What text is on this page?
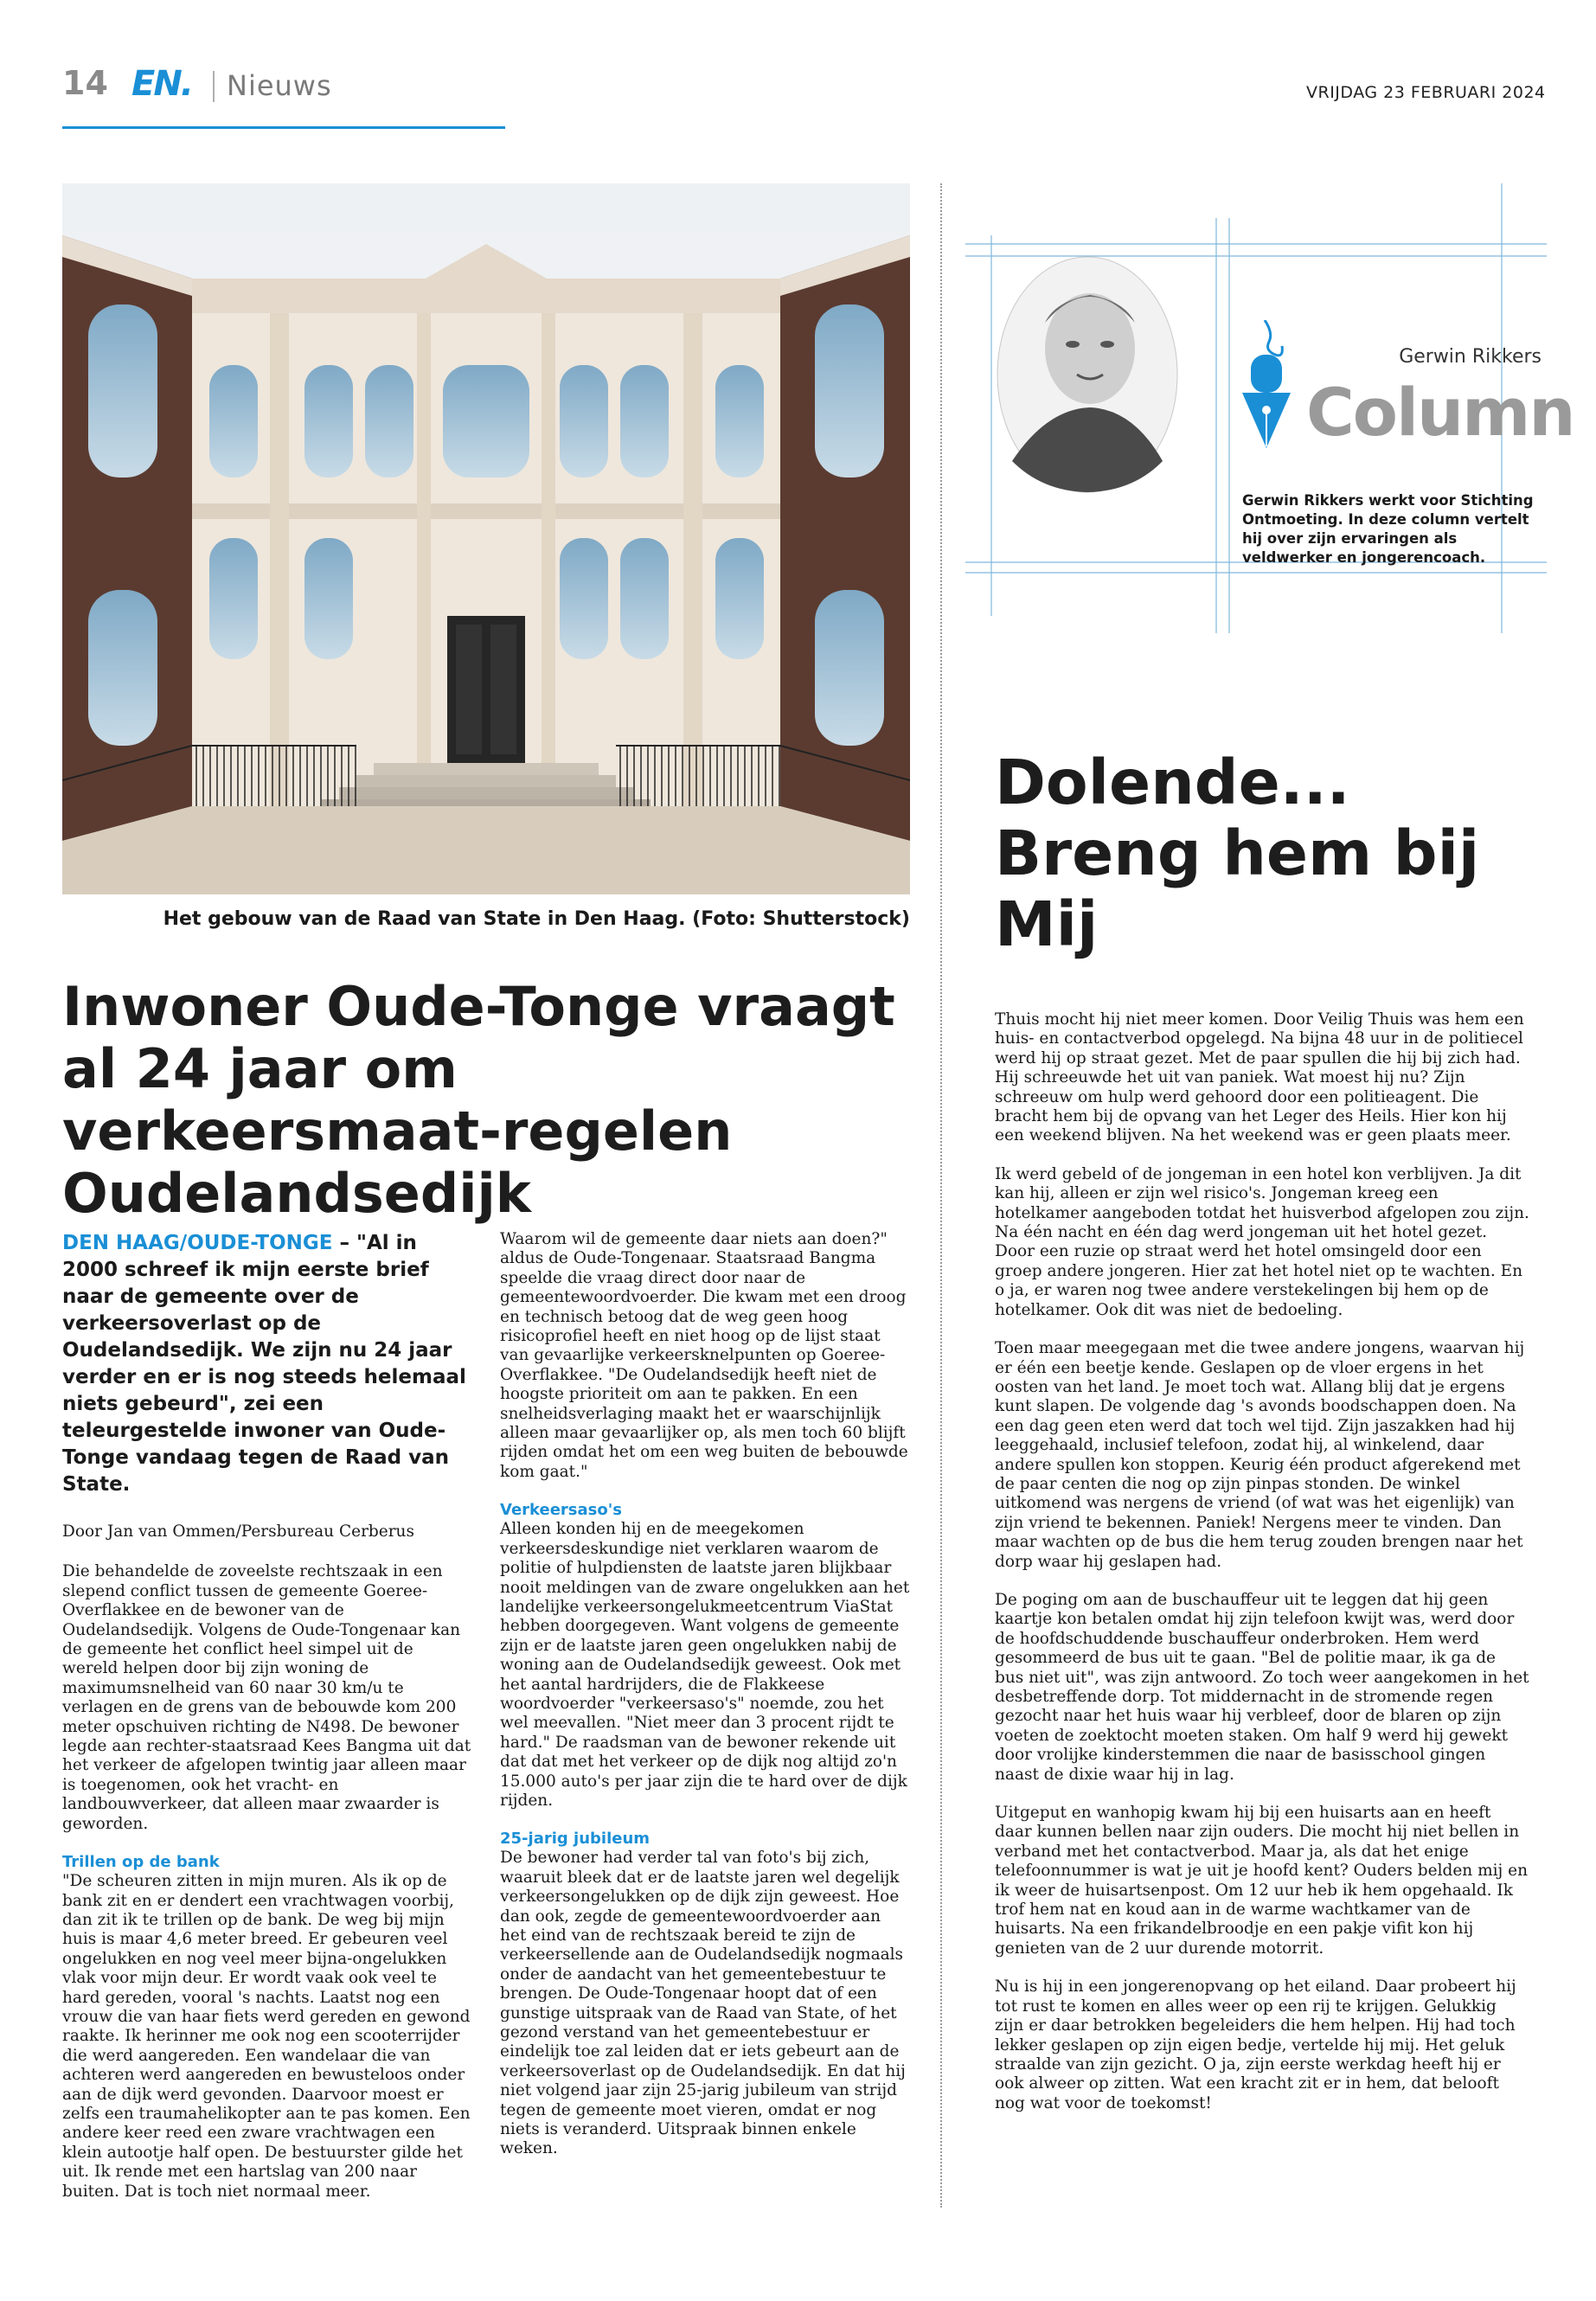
14 EN. Nieuws	VRIJDAG 23 FEBRUARI 2024
Het gebouw van de Raad van State in Den Haag. (Foto: Shutterstock)
Inwoner Oude-Tonge vraagt al 24 jaar om verkeersmaat-regelen Oudelandsedijk

DEN HAAG/OUDE-TONGE – "Al in 2000 schreef ik mijn eerste brief naar de gemeente over de verkeersoverlast op de Oudelandsedijk. We zijn nu 24 jaar verder en er is nog steeds helemaal niets gebeurd", zei een teleurgestelde inwoner van Oude-Tonge vandaag tegen de Raad van State.

Door Jan van Ommen/Persbureau Cerberus

Die behandelde de zoveelste rechtszaak in een slepend conflict tussen de gemeente Goeree-Overflakkee en de bewoner van de Oudelandsedijk. Volgens de Oude-Tongenaar kan de gemeente het conflict heel simpel uit de wereld helpen door bij zijn woning de maximumsnelheid van 60 naar 30 km/u te verlagen en de grens van de bebouwde kom 200 meter opschuiven richting de N498. De bewoner legde aan rechter-staatsraad Kees Bangma uit dat het verkeer de afgelopen twintig jaar alleen maar is toegenomen, ook het vracht- en landbouwverkeer, dat alleen maar zwaarder is geworden.

Trillen op de bank

"De scheuren zitten in mijn muren. Als ik op de bank zit en er dendert een vrachtwagen voorbij, dan zit ik te trillen op de bank. De weg bij mijn huis is maar 4,6 meter breed. Er gebeuren veel ongelukken en nog veel meer bijna-ongelukken vlak voor mijn deur. Er wordt vaak ook veel te hard gereden, vooral 's nachts. Laatst nog een vrouw die van haar fiets werd gereden en gewond raakte. Ik herinner me ook nog een scooterrijder die werd aangereden. Een wandelaar die van achteren werd aangereden en bewusteloos onder aan de dijk werd gevonden. Daarvoor moest er zelfs een traumahelikopter aan te pas komen. Een andere keer reed een zware vrachtwagen een klein autootje half open. De bestuurster gilde het uit. Ik rende met een hartslag van 200 naar buiten. Dat is toch niet normaal meer.

Waarom wil de gemeente daar niets aan doen?" aldus de Oude-Tongenaar. Staatsraad Bangma speelde die vraag direct door naar de gemeentewoordvoerder. Die kwam met een droog en technisch betoog dat de weg geen hoog risicoprofiel heeft en niet hoog op de lijst staat van gevaarlijke verkeersknelpunten op Goeree-Overflakkee. "De Oudelandsedijk heeft niet de hoogste prioriteit om aan te pakken. En een snelheidsverlaging maakt het er waarschijnlijk alleen maar gevaarlijker op, als men toch 60 blijft rijden omdat het om een weg buiten de bebouwde kom gaat."

Verkeersaso's

Alleen konden hij en de meegekomen verkeersdeskundige niet verklaren waarom de politie of hulpdiensten de laatste jaren blijkbaar nooit meldingen van de zware ongelukken aan het landelijke verkeersongelukmeetcentrum ViaStat hebben doorgegeven. Want volgens de gemeente zijn er de laatste jaren geen ongelukken nabij de woning aan de Oudelandsedijk geweest. Ook met het aantal hardrijders, die de Flakkeese woordvoerder "verkeersaso's" noemde, zou het wel meevallen. "Niet meer dan 3 procent rijdt te hard." De raadsman van de bewoner rekende uit dat dat met het verkeer op de dijk nog altijd zo'n 15.000 auto's per jaar zijn die te hard over de dijk rijden.

25-jarig jubileum

De bewoner had verder tal van foto's bij zich, waaruit bleek dat er de laatste jaren wel degelijk verkeersongelukken op de dijk zijn geweest. Hoe dan ook, zegde de gemeentewoordvoerder aan het eind van de rechtszaak bereid te zijn de verkeersellende aan de Oudelandsedijk nogmaals onder de aandacht van het gemeentebestuur te brengen. De Oude-Tongenaar hoopt dat of een gunstige uitspraak van de Raad van State, of het gezond verstand van het gemeentebestuur er eindelijk toe zal leiden dat er iets gebeurt aan de verkeersoverlast op de Oudelandsedijk. En dat hij niet volgend jaar zijn 25-jarig jubileum van strijd tegen de gemeente moet vieren, omdat er nog niets is veranderd. Uitspraak binnen enkele weken.

Gerwin Rikkers
Column
Gerwin Rikkers werkt voor Stichting Ontmoeting. In deze column vertelt hij over zijn ervaringen als veldwerker en jongerencoach.
Dolende... Breng hem bij Mij

Thuis mocht hij niet meer komen. Door Veilig Thuis was hem een huis- en contactverbod opgelegd. Na bijna 48 uur in de politiecel werd hij op straat gezet. Met de paar spullen die hij bij zich had. Hij schreeuwde het uit van paniek. Wat moest hij nu? Zijn schreeuw om hulp werd gehoord door een politieagent. Die bracht hem bij de opvang van het Leger des Heils. Hier kon hij een weekend blijven. Na het weekend was er geen plaats meer.

Ik werd gebeld of de jongeman in een hotel kon verblijven. Ja dit kan hij, alleen er zijn wel risico's. Jongeman kreeg een hotelkamer aangeboden totdat het huisverbod afgelopen zou zijn. Na één nacht en één dag werd jongeman uit het hotel gezet. Door een ruzie op straat werd het hotel omsingeld door een groep andere jongeren. Hier zat het hotel niet op te wachten. En o ja, er waren nog twee andere verstekelingen bij hem op de hotelkamer. Ook dit was niet de bedoeling.

Toen maar meegegaan met die twee andere jongens, waarvan hij er één een beetje kende. Geslapen op de vloer ergens in het oosten van het land. Je moet toch wat. Allang blij dat je ergens kunt slapen. De volgende dag 's avonds boodschappen doen. Na een dag geen eten werd dat toch wel tijd. Zijn jaszakken had hij leeggehaald, inclusief telefoon, zodat hij, al winkelend, daar andere spullen kon stoppen. Keurig één product afgerekend met de paar centen die nog op zijn pinpas stonden. De winkel uitkomend was nergens de vriend (of wat was het eigenlijk) van zijn vriend te bekennen. Paniek! Nergens meer te vinden. Dan maar wachten op de bus die hem terug zouden brengen naar het dorp waar hij geslapen had.

De poging om aan de buschauffeur uit te leggen dat hij geen kaartje kon betalen omdat hij zijn telefoon kwijt was, werd door de hoofdschuddende buschauffeur onderbroken. Hem werd gesommeerd de bus uit te gaan. "Bel de politie maar, ik ga de bus niet uit", was zijn antwoord. Zo toch weer aangekomen in het desbetreffende dorp. Tot middernacht in de stromende regen gezocht naar het huis waar hij verbleef, door de blaren op zijn voeten de zoektocht moeten staken. Om half 9 werd hij gewekt door vrolijke kinderstemmen die naar de basisschool gingen naast de dixie waar hij in lag.

Uitgeput en wanhopig kwam hij bij een huisarts aan en heeft daar kunnen bellen naar zijn ouders. Die mocht hij niet bellen in verband met het contactverbod. Maar ja, als dat het enige telefoonnummer is wat je uit je hoofd kent? Ouders belden mij en ik weer de huisartsenpost. Om 12 uur heb ik hem opgehaald. Ik trof hem nat en koud aan in de warme wachtkamer van de huisarts. Na een frikandelbroodje en een pakje vifit kon hij genieten van de 2 uur durende motorrit.

Nu is hij in een jongerenopvang op het eiland. Daar probeert hij tot rust te komen en alles weer op een rij te krijgen. Gelukkig zijn er daar betrokken begeleiders die hem helpen. Hij had toch lekker geslapen op zijn eigen bedje, vertelde hij mij. Het geluk straalde van zijn gezicht. O ja, zijn eerste werkdag heeft hij er ook alweer op zitten. Wat een kracht zit er in hem, dat belooft nog wat voor de toekomst!
